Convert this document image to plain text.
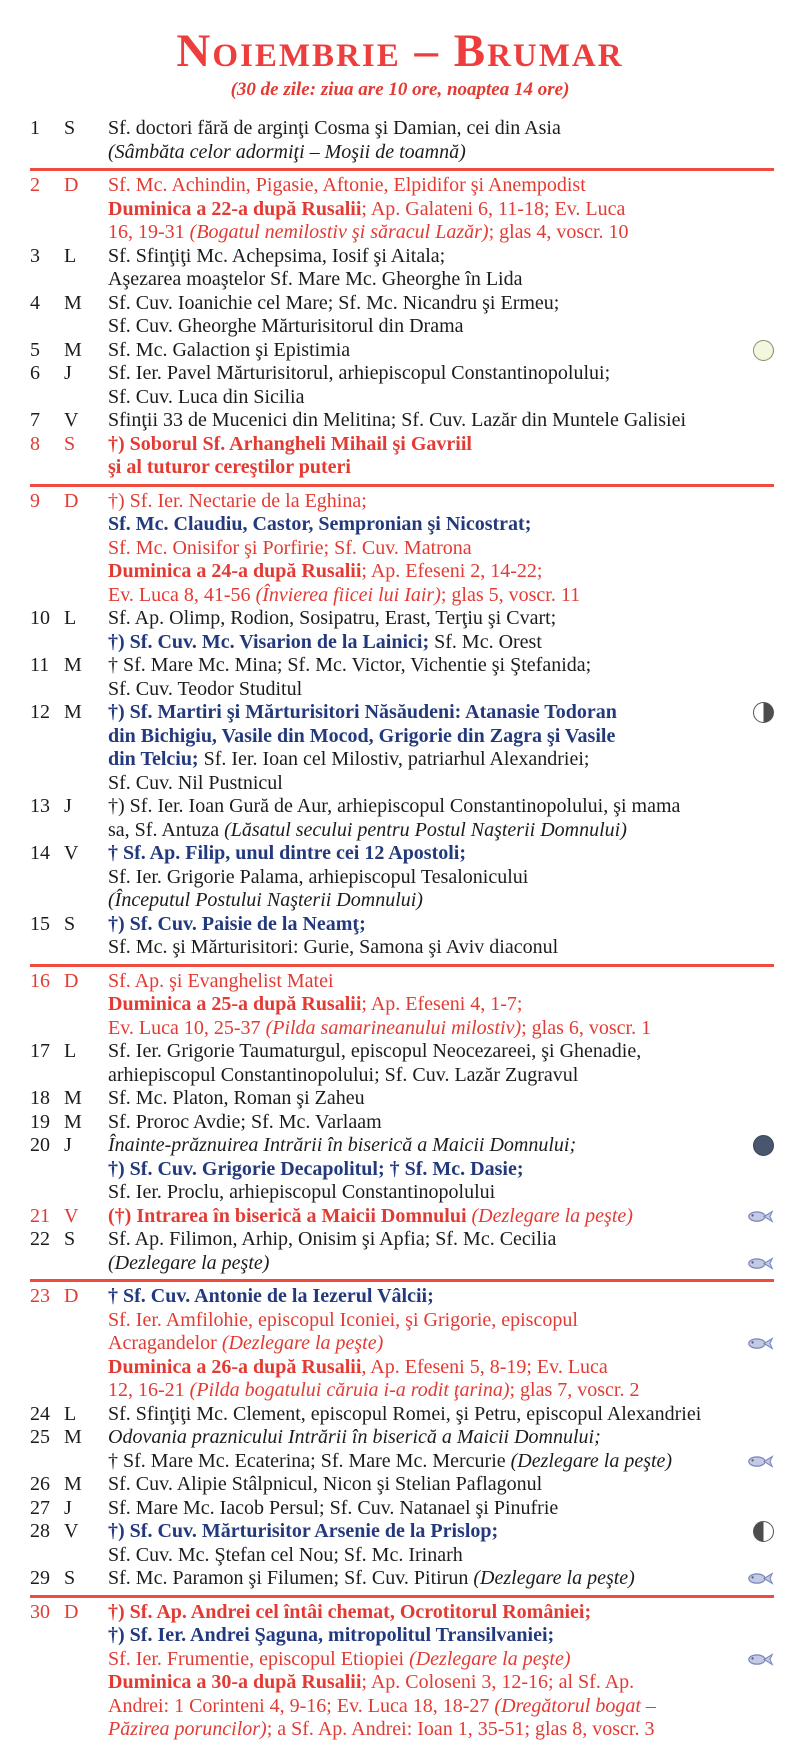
Noiembrie – Brumar
(30 de zile: ziua are 10 ore, noaptea 14 ore)
1 S	Sf. doctori fără de arginţi Cosma şi Damian, cei din Asia
(Sâmbăta celor adormiţi – Moşii de toamnă)
2 D	Sf. Mc. Achindin, Pigasie, Aftonie, Elpidifor şi Anempodist
Duminica a 22-a după Rusalii; Ap. Galateni 6, 11-18; Ev. Luca
16, 19-31 (Bogatul nemilostiv şi săracul Lazăr); glas 4, voscr. 10
3 L	Sf. Sfinţiţi Mc. Achepsima, Iosif şi Aitala;
Aşezarea moaştelor Sf. Mare Mc. Gheorghe în Lida
4 M	Sf. Cuv. Ioanichie cel Mare; Sf. Mc. Nicandru şi Ermeu;
Sf. Cuv. Gheorghe Mărturisitorul din Drama
5 M	Sf. Mc. Galaction şi Epistimia
6 J	Sf. Ier. Pavel Mărturisitorul, arhiepiscopul Constantinopolului;
Sf. Cuv. Luca din Sicilia
7 V	Sfinţii 33 de Mucenici din Melitina; Sf. Cuv. Lazăr din Muntele Galisiei
8 S	†) Soborul Sf. Arhangheli Mihail şi Gavriil
şi al tuturor cereştilor puteri
9 D	†) Sf. Ier. Nectarie de la Eghina;
Sf. Mc. Claudiu, Castor, Sempronian şi Nicostrat;
Sf. Mc. Onisifor şi Porfirie; Sf. Cuv. Matrona
Duminica a 24-a după Rusalii; Ap. Efeseni 2, 14-22;
Ev. Luca 8, 41-56 (Învierea fiicei lui Iair); glas 5, voscr. 11
10 L	Sf. Ap. Olimp, Rodion, Sosipatru, Erast, Terţiu şi Cvart;
†) Sf. Cuv. Mc. Visarion de la Lainici; Sf. Mc. Orest
11 M	† Sf. Mare Mc. Mina; Sf. Mc. Victor, Vichentie şi Ştefanida;
Sf. Cuv. Teodor Studitul
12 M	†) Sf. Martiri şi Mărturisitori Năsăudeni: Atanasie Todoran
din Bichigiu, Vasile din Mocod, Grigorie din Zagra şi Vasile
din Telciu; Sf. Ier. Ioan cel Milostiv, patriarhul Alexandriei;
Sf. Cuv. Nil Pustnicul
13 J	†) Sf. Ier. Ioan Gură de Aur, arhiepiscopul Constantinopolului, şi mama
sa, Sf. Antuza (Lăsatul secului pentru Postul Naşterii Domnului)
14 V	† Sf. Ap. Filip, unul dintre cei 12 Apostoli;
Sf. Ier. Grigorie Palama, arhiepiscopul Tesalonicului
(Începutul Postului Naşterii Domnului)
15 S	†) Sf. Cuv. Paisie de la Neamţ;
Sf. Mc. şi Mărturisitori: Gurie, Samona şi Aviv diaconul
16 D	Sf. Ap. şi Evanghelist Matei
Duminica a 25-a după Rusalii; Ap. Efeseni 4, 1-7;
Ev. Luca 10, 25-37 (Pilda samarineanului milostiv); glas 6, voscr. 1
17 L	Sf. Ier. Grigorie Taumaturgul, episcopul Neocezareei, şi Ghenadie,
arhiepiscopul Constantinopolului; Sf. Cuv. Lazăr Zugravul
18 M	Sf. Mc. Platon, Roman şi Zaheu
19 M	Sf. Proroc Avdie; Sf. Mc. Varlaam
20 J	Înainte-prăznuirea Intrării în biserică a Maicii Domnului;
†) Sf. Cuv. Grigorie Decapolitul; † Sf. Mc. Dasie;
Sf. Ier. Proclu, arhiepiscopul Constantinopolului
21 V	(†) Intrarea în biserică a Maicii Domnului (Dezlegare la peşte)
22 S	Sf. Ap. Filimon, Arhip, Onisim şi Apfia; Sf. Mc. Cecilia
(Dezlegare la peşte)
23 D	† Sf. Cuv. Antonie de la Iezerul Vâlcii;
Sf. Ier. Amfilohie, episcopul Iconiei, şi Grigorie, episcopul
Acragandelor (Dezlegare la peşte)
Duminica a 26-a după Rusalii, Ap. Efeseni 5, 8-19; Ev. Luca
12, 16-21 (Pilda bogatului căruia i-a rodit ţarina); glas 7, voscr. 2
24 L	Sf. Sfinţiţi Mc. Clement, episcopul Romei, şi Petru, episcopul Alexandriei
25 M	Odovania praznicului Intrării în biserică a Maicii Domnului;
† Sf. Mare Mc. Ecaterina; Sf. Mare Mc. Mercurie (Dezlegare la peşte)
26 M	Sf. Cuv. Alipie Stâlpnicul, Nicon şi Stelian Paflagonul
27 J	Sf. Mare Mc. Iacob Persul; Sf. Cuv. Natanael şi Pinufrie
28 V	†) Sf. Cuv. Mărturisitor Arsenie de la Prislop;
Sf. Cuv. Mc. Ştefan cel Nou; Sf. Mc. Irinarh
29 S	Sf. Mc. Paramon şi Filumen; Sf. Cuv. Pitirun (Dezlegare la peşte)
30 D	†) Sf. Ap. Andrei cel întâi chemat, Ocrotitorul României;
†) Sf. Ier. Andrei Şaguna, mitropolitul Transilvaniei;
Sf. Ier. Frumentie, episcopul Etiopiei (Dezlegare la peşte)
Duminica a 30-a după Rusalii; Ap. Coloseni 3, 12-16; al Sf. Ap.
Andrei: 1 Corinteni 4, 9-16; Ev. Luca 18, 18-27 (Dregătorul bogat –
Păzirea poruncilor); a Sf. Ap. Andrei: Ioan 1, 35-51; glas 8, voscr. 3
